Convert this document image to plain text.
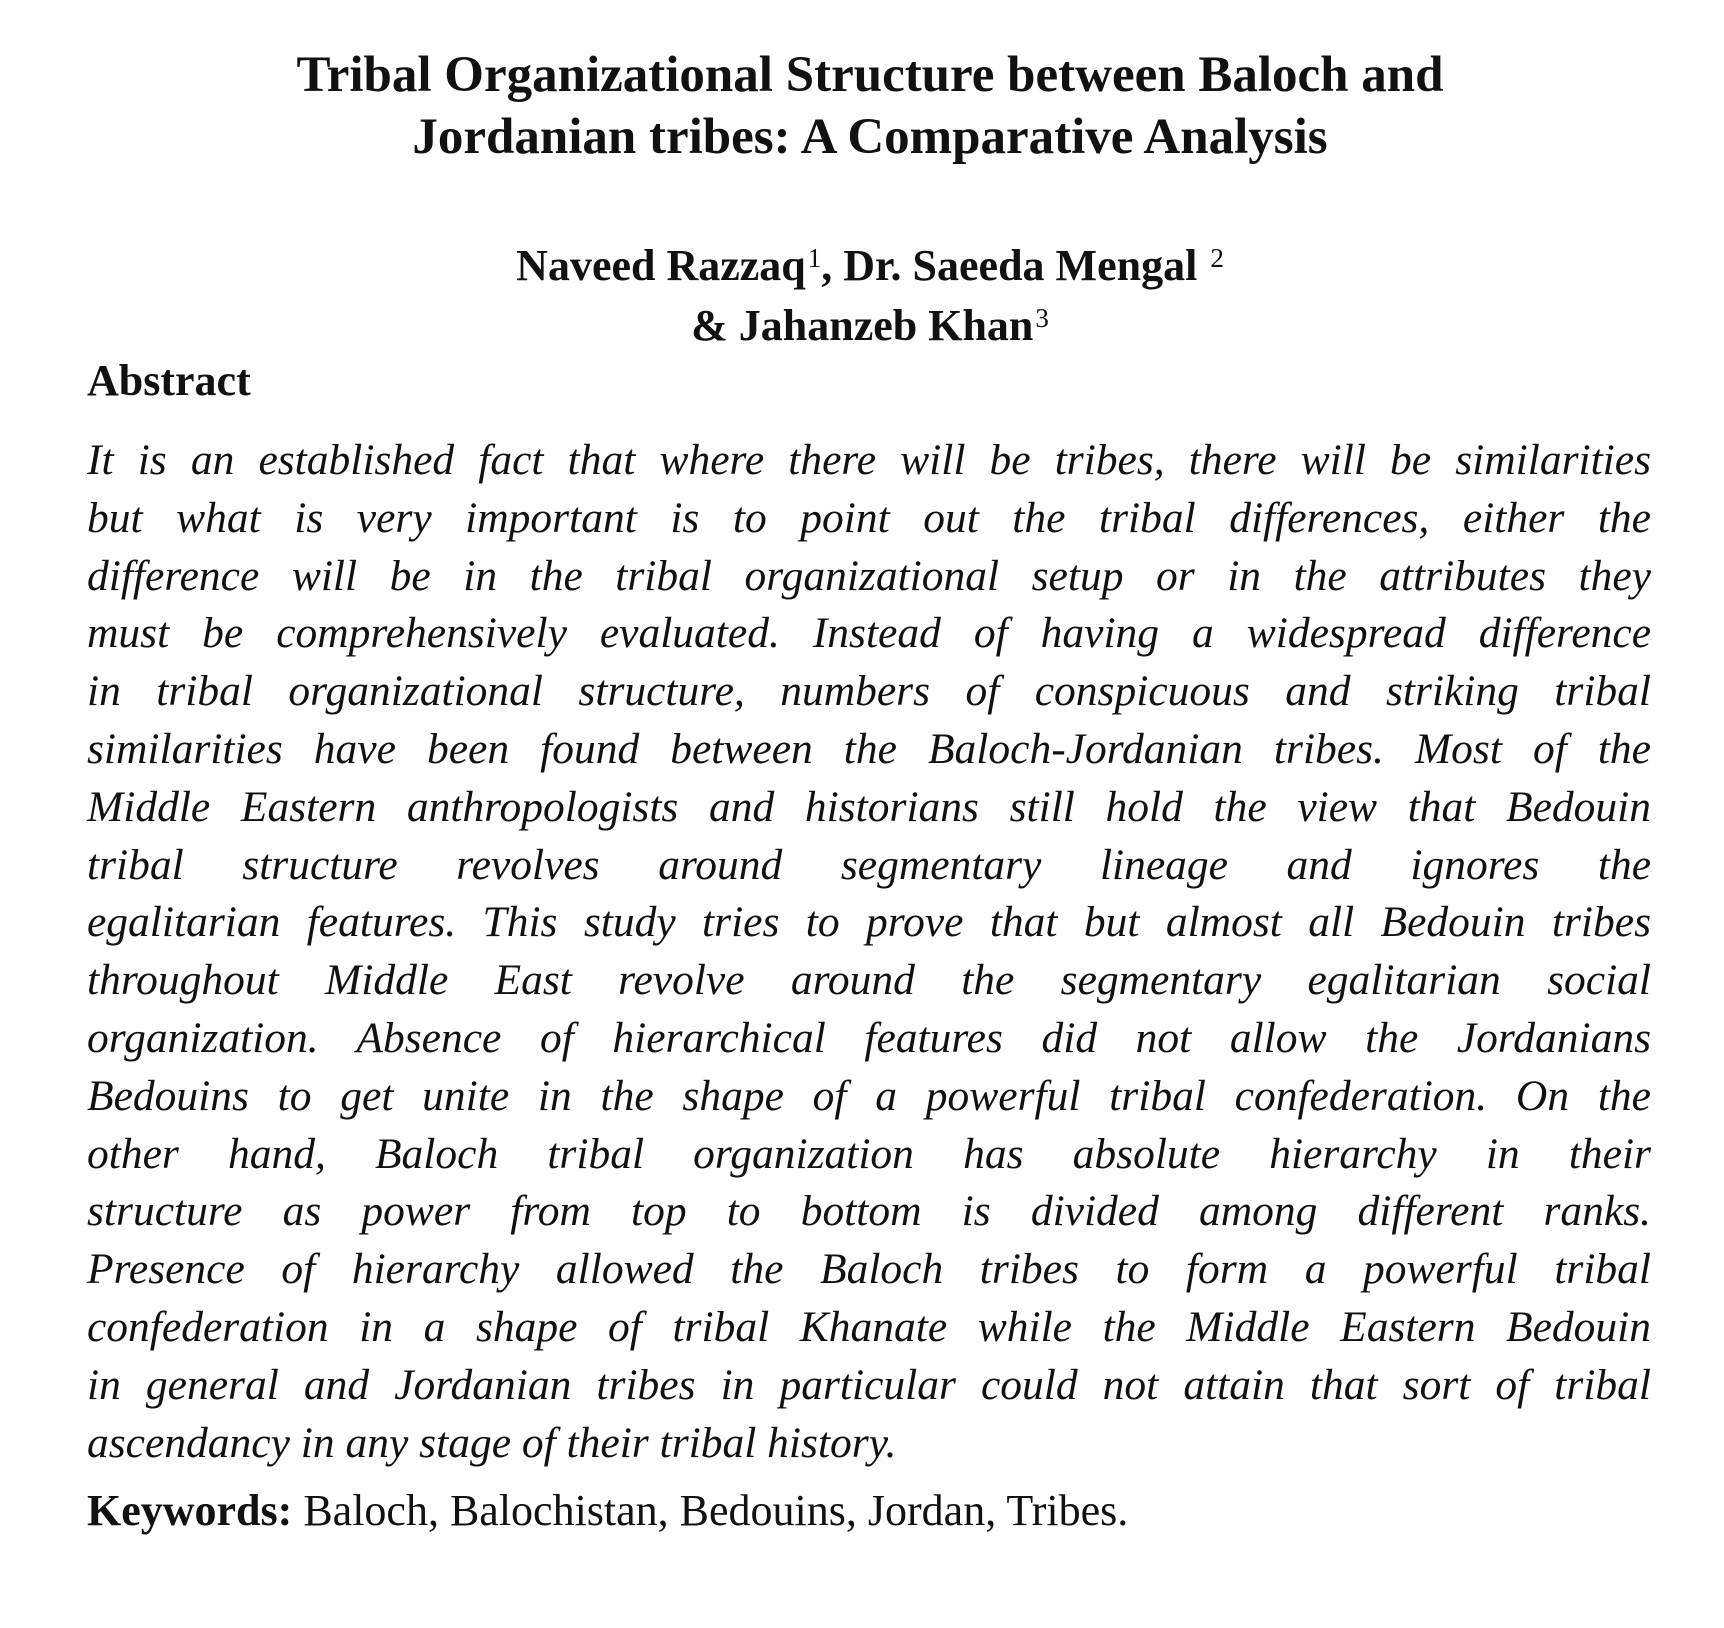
Tribal Organizational Structure between Baloch and
Jordanian tribes: A Comparative Analysis
Naveed Razzaq$^1$, Dr. Saeeda Mengal $^2$
& Jahanzeb Khan$^3$
Abstract

It is an established fact that where there will be tribes, there will be similarities
but what is very important is to point out the tribal differences, either the
difference will be in the tribal organizational setup or in the attributes they
must be comprehensively evaluated. Instead of having a widespread difference
in tribal organizational structure, numbers of conspicuous and striking tribal
similarities have been found between the Baloch-Jordanian tribes. Most of the
Middle Eastern anthropologists and historians still hold the view that Bedouin
tribal structure revolves around segmentary lineage and ignores the
egalitarian features. This study tries to prove that but almost all Bedouin tribes
throughout Middle East revolve around the segmentary egalitarian social
organization. Absence of hierarchical features did not allow the Jordanians
Bedouins to get unite in the shape of a powerful tribal confederation. On the
other hand, Baloch tribal organization has absolute hierarchy in their
structure as power from top to bottom is divided among different ranks.
Presence of hierarchy allowed the Baloch tribes to form a powerful tribal
confederation in a shape of tribal Khanate while the Middle Eastern Bedouin
in general and Jordanian tribes in particular could not attain that sort of tribal
ascendancy in any stage of their tribal history.

Keywords: Baloch, Balochistan, Bedouins, Jordan, Tribes.
